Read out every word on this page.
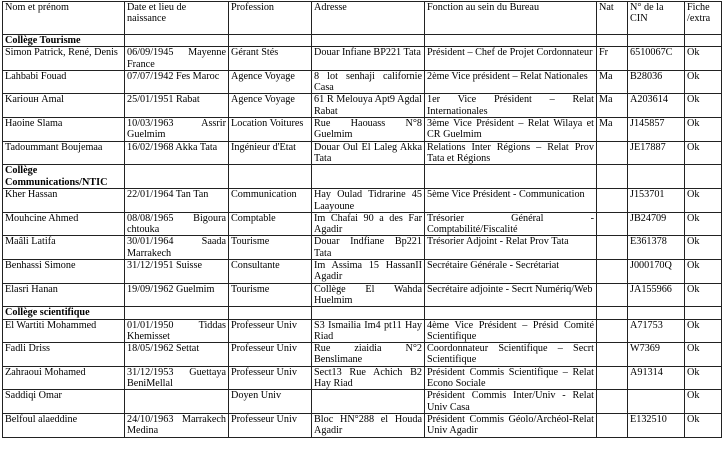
Nom et prénom	Date et lieu de naissance	Profession	Adresse	Fonction au sein du Bureau	Nat	N° de la CIN	Fiche /extra
Collège Tourisme							
Simon Patrick, René, Denis	06/09/1945 Mayenne France	Gérant Stés	Douar Infiane BP221 Tata	Président – Chef de Projet Cordonnateur	Fr	6510067C	Ok
Lahbabi Fouad	07/07/1942 Fes Maroc	Agence Voyage	8 lot senhaji californie Casa	2ème Vice président – Relat Nationales	Ma	B28036	Ok
Kariouн Amal	25/01/1951 Rabat	Agence Voyage	61 R Melouya Apt9 Agdal Rabat	1er Vice Président – Relat Internationales	Ma	A203614	Ok
Haoine Slama	10/03/1963 Assrir Guelmim	Location Voitures	Rue Haouass N°8 Guelmim	3ème Vice Président – Relat Wilaya et CR Guelmim	Ma	J145857	Ok
Tadoummant Boujemaa	16/02/1968 Akka Tata	Ingénieur d'Etat	Douar Oul El Laleg Akka Tata	Relations Inter Régions – Relat Prov Tata et Régions		JE17887	Ok
Collège Communications/NTIC							
Kher Hassan	22/01/1964 Tan Tan	Communication	Hay Oulad Tidrarine 45 Laayoune	5ème Vice Président - Communication		J153701	Ok
Mouhcine Ahmed	08/08/1965 Bigoura chtouka	Comptable	Im Chafai 90 a des Far Agadir	Trésorier Général - Comptabilité/Fiscalité		JB24709	Ok
Maâli Latifa	30/01/1964 Saada Marrakech	Tourisme	Douar Indfiane Bp221 Tata	Trésorier Adjoint - Relat Prov Tata		E361378	Ok
Benhassi Simone	31/12/1951 Suisse	Consultante	Im Assima 15 HassanII Agadir	Secrétaire Générale - Secrétariat		J000170Q	Ok
Elasri Hanan	19/09/1962 Guelmim	Tourisme	Collège El Wahda Huelmim	Secrétaire adjointe - Secrt Numériq/Web		JA155966	Ok
Collège scientifique							
El Wartiti Mohammed	01/01/1950 Tiddas Khemisset	Professeur Univ	S3 Ismailia Im4 pt11 Hay Riad	4ème Vice Président – Présid Comité Scientifique		A71753	Ok
Fadli Driss	18/05/1962 Settat	Professeur Univ	Rue ziaidia N°2 Benslimane	Coordonnateur Scientifique – Secrt Scientifique		W7369	Ok
Zahraoui Mohamed	31/12/1953 Guettaya BeniMellal	Professeur Univ	Sect13 Rue Achich B2 Hay Riad	Président Commis Scientifique – Relat Econo Sociale		A91314	Ok
Saddiqi Omar		Doyen Univ		Président Commis Inter/Univ - Relat Univ Casa			Ok
Belfoul alaeddine	24/10/1963 Marrakech Medina	Professeur Univ	Bloc HN°288 el Houda Agadir	Président Commis Géolo/Archéol-Relat Univ Agadir		E132510	Ok
